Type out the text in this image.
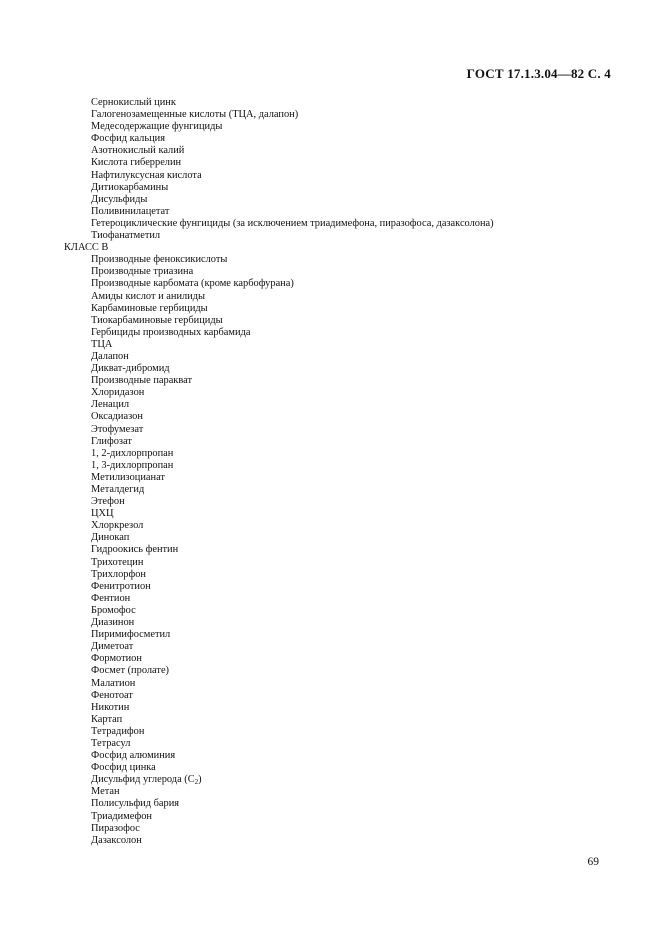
ГОСТ 17.1.3.04—82 С. 4
Сернокислый цинк
Галогенозамещенные кислоты (ТЦА, далапон)
Медесодержащие фунгициды
Фосфид кальция
Азотнокислый калий
Кислота гиберрелин
Нафтилуксусная кислота
Дитиокарбамины
Дисульфиды
Поливинилацетат
Гетероциклические фунгициды (за исключением триадимефона, пиразофоса, дазаксолона)
Тиофанатметил
КЛАСС В
Производные феноксикислоты
Производные триазина
Производные карбомата (кроме карбофурана)
Амиды кислот и анилиды
Карбаминовые гербициды
Тиокарбаминовые гербициды
Гербициды производных карбамида
ТЦА
Далапон
Дикват-дибромид
Производные паракват
Хлоридазон
Ленацил
Оксадиазон
Этофумезат
Глифозат
1, 2-дихлорпропан
1, 3-дихлорпропан
Метилизоцианат
Металдегид
Этефон
ЦХЦ
Хлоркрезол
Динокап
Гидроокись фентин
Трихотецин
Трихлорфон
Фенитротион
Фентион
Бромофос
Диазинон
Пиримифосметил
Диметоат
Формотион
Фосмет (пролате)
Малатион
Фенотоат
Никотин
Картап
Тетрадифон
Тетрасул
Фосфид алюминия
Фосфид цинка
Дисульфид углерода $(C_2)$
Метан
Полисульфид бария
Триадимефон
Пиразофос
Дазаксолон
69
